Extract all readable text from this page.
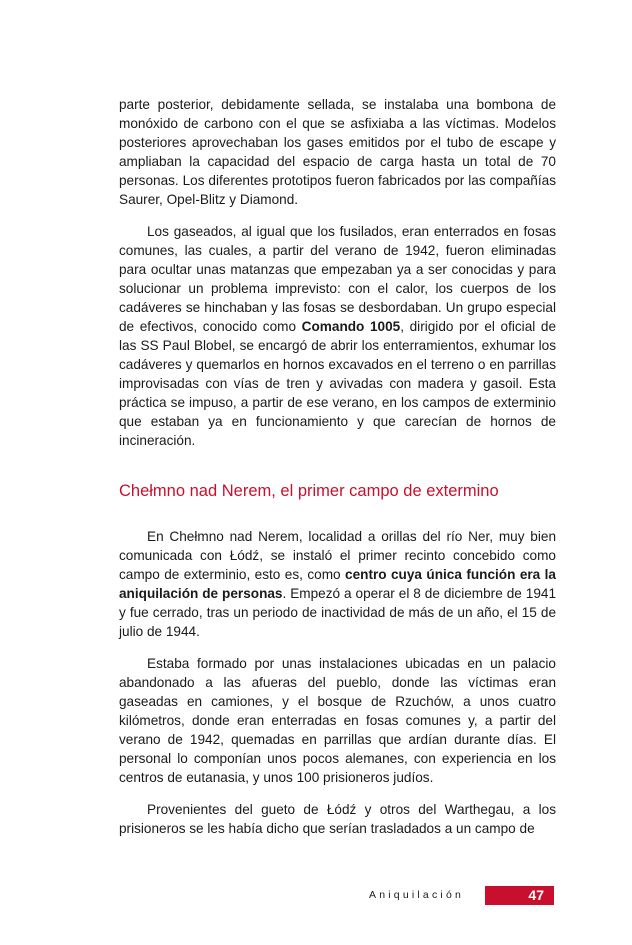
parte posterior, debidamente sellada, se instalaba una bombona de monóxido de carbono con el que se asfixiaba a las víctimas. Modelos posteriores aprovechaban los gases emitidos por el tubo de escape y ampliaban la capacidad del espacio de carga hasta un total de 70 personas. Los diferentes prototipos fueron fabricados por las compañías Saurer, Opel-Blitz y Diamond.

Los gaseados, al igual que los fusilados, eran enterrados en fosas comunes, las cuales, a partir del verano de 1942, fueron eliminadas para ocultar unas matanzas que empezaban ya a ser conocidas y para solucionar un problema imprevisto: con el calor, los cuerpos de los cadáveres se hinchaban y las fosas se desbordaban. Un grupo especial de efectivos, conocido como Comando 1005, dirigido por el oficial de las SS Paul Blobel, se encargó de abrir los enterramientos, exhumar los cadáveres y quemarlos en hornos excavados en el terreno o en parrillas improvisadas con vías de tren y avivadas con madera y gasoil. Esta práctica se impuso, a partir de ese verano, en los campos de exterminio que estaban ya en funcionamiento y que carecían de hornos de incineración.

Chełmno nad Nerem, el primer campo de extermino

En Chełmno nad Nerem, localidad a orillas del río Ner, muy bien comunicada con Łódź, se instaló el primer recinto concebido como campo de exterminio, esto es, como centro cuya única función era la aniquilación de personas. Empezó a operar el 8 de diciembre de 1941 y fue cerrado, tras un periodo de inactividad de más de un año, el 15 de julio de 1944.

Estaba formado por unas instalaciones ubicadas en un palacio abandonado a las afueras del pueblo, donde las víctimas eran gaseadas en camiones, y el bosque de Rzuchów, a unos cuatro kilómetros, donde eran enterradas en fosas comunes y, a partir del verano de 1942, quemadas en parrillas que ardían durante días. El personal lo componían unos pocos alemanes, con experiencia en los centros de eutanasia, y unos 100 prisioneros judíos.

Provenientes del gueto de Łódź y otros del Warthegau, a los prisioneros se les había dicho que serían trasladados a un campo de

Aniquilación	47
